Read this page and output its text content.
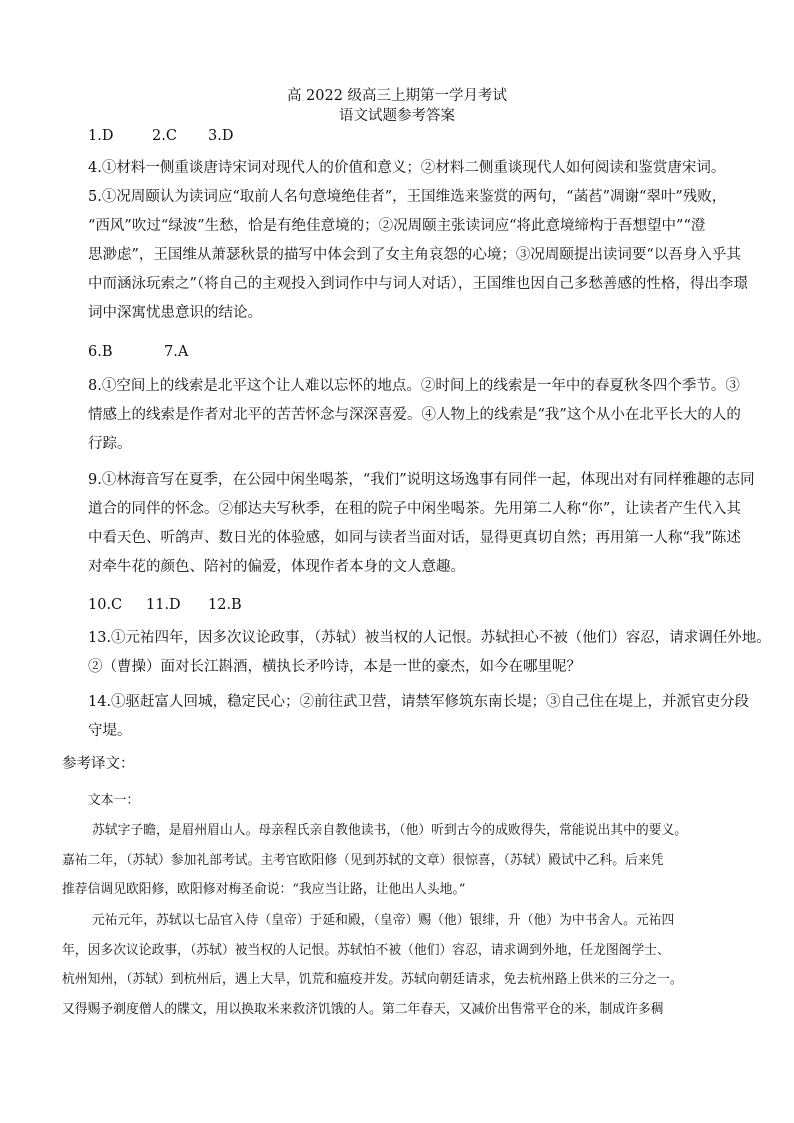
高 2022 级高三上期第一学月考试
语文试题参考答案
1.D	2.C 3.D
4.①材料一侧重谈唐诗宋词对现代人的价值和意义；②材料二侧重谈现代人如何阅读和鉴赏唐宋词。
5.①况周颐认为读词应“取前人名句意境绝佳者”，王国维选来鉴赏的两句，“菡萏”凋谢“翠叶”残败，
“西风”吹过“绿波”生愁，恰是有绝佳意境的；②况周颐主张读词应“将此意境缔构于吾想望中”“澄
思渺虑”，王国维从萧瑟秋景的描写中体会到了女主角哀怨的心境；③况周颐提出读词要“以吾身入乎其
中而涵泳玩索之”（将自己的主观投入到词作中与词人对话），王国维也因自己多愁善感的性格，得出李璟
词中深寓忧患意识的结论。
6.B	7.A
8.①空间上的线索是北平这个让人难以忘怀的地点。②时间上的线索是一年中的春夏秋冬四个季节。③
情感上的线索是作者对北平的苦苦怀念与深深喜爱。④人物上的线索是“我”这个从小在北平长大的人的
行踪。
9.①林海音写在夏季，在公园中闲坐喝茶，“我们”说明这场逸事有同伴一起，体现出对有同样雅趣的志同
道合的同伴的怀念。②郁达夫写秋季，在租的院子中闲坐喝茶。先用第二人称“你”，让读者产生代入其
中看天色、听鸽声、数日光的体验感，如同与读者当面对话，显得更真切自然；再用第一人称“我”陈述
对牵牛花的颜色、陪衬的偏爱，体现作者本身的文人意趣。
10.C 11.D 12.B
13.①元祐四年，因多次议论政事，（苏轼）被当权的人记恨。苏轼担心不被（他们）容忍，请求调任外地。
②（曹操）面对长江斟酒，横执长矛吟诗，本是一世的豪杰，如今在哪里呢？
14.①驱赶富人回城，稳定民心；②前往武卫营，请禁军修筑东南长堤；③自己住在堤上，并派官吏分段
守堤。
参考译文：
文本一：
苏轼字子瞻，是眉州眉山人。母亲程氏亲自教他读书，（他）听到古今的成败得失，常能说出其中的要义。
嘉祐二年，（苏轼）参加礼部考试。主考官欧阳修（见到苏轼的文章）很惊喜，（苏轼）殿试中乙科。后来凭
推荐信调见欧阳修，欧阳修对梅圣俞说：“我应当让路，让他出人头地。”
元祐元年，苏轼以七品官入侍（皇帝）于延和殿，（皇帝）赐（他）银绯，升（他）为中书舍人。元祐四
年，因多次议论政事，（苏轼）被当权的人记恨。苏轼怕不被（他们）容忍，请求调到外地，任龙图阁学士、
杭州知州，（苏轼）到杭州后，遇上大旱，饥荒和瘟疫并发。苏轼向朝廷请求，免去杭州路上供米的三分之一。
又得赐予剃度僧人的牒文，用以换取米来救济饥饿的人。第二年春天，又减价出售常平仓的米，制成许多稠
